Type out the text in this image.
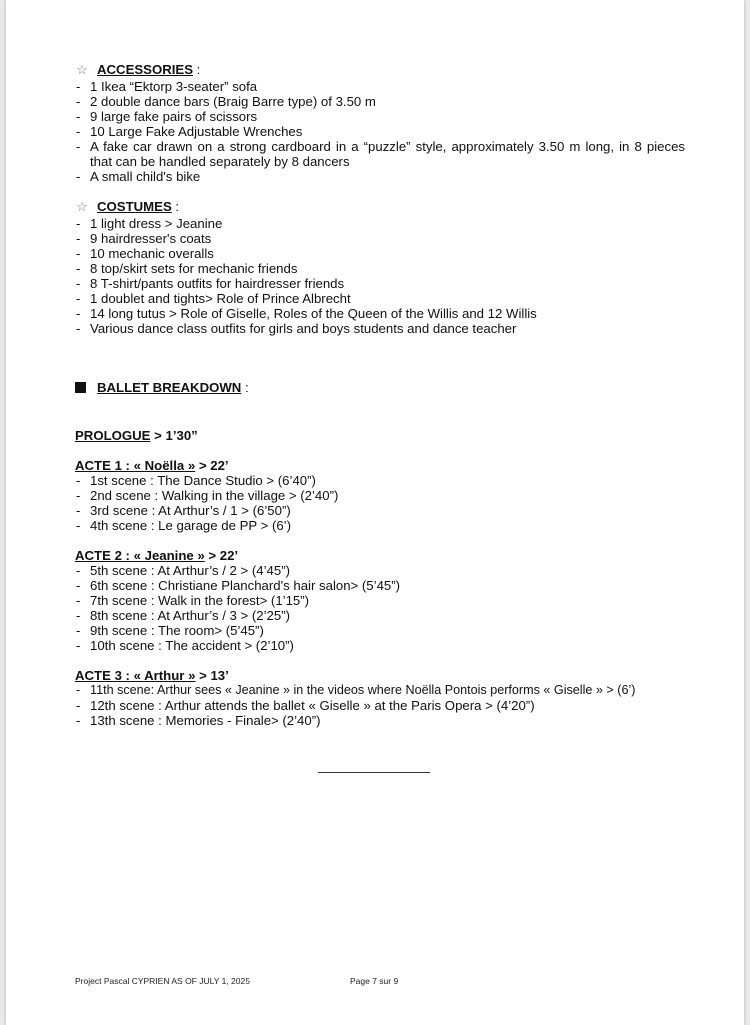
☆ ACCESSORIES :
- 1 Ikea “Ektorp 3-seater” sofa
- 2 double dance bars (Braig Barre type) of 3.50 m
- 9 large fake pairs of scissors
- 10 Large Fake Adjustable Wrenches
- A fake car drawn on a strong cardboard in a “puzzle” style, approximately 3.50 m long, in 8 pieces that can be handled separately by 8 dancers
- A small child's bike
☆ COSTUMES :
- 1 light dress > Jeanine
- 9 hairdresser's coats
- 10 mechanic overalls
- 8 top/skirt sets for mechanic friends
- 8 T-shirt/pants outfits for hairdresser friends
- 1 doublet and tights> Role of Prince Albrecht
- 14 long tutus > Role of Giselle, Roles of the Queen of the Willis and 12 Willis
- Various dance class outfits for girls and boys students and dance teacher
BALLET BREAKDOWN :
PROLOGUE > 1’30”
ACTE 1 : « Noëlla » > 22’
- 1st scene : The Dance Studio > (6’40”)
- 2nd scene : Walking in the village > (2’40”)
- 3rd scene : At Arthur’s / 1 > (6’50”)
- 4th scene : Le garage de PP > (6’)
ACTE 2 : « Jeanine » > 22’
- 5th scene : At Arthur’s / 2 > (4’45”)
- 6th scene : Christiane Planchard's hair salon> (5’45”)
- 7th scene : Walk in the forest> (1’15”)
- 8th scene : At Arthur’s / 3 > (2’25”)
- 9th scene : The room> (5’45”)
- 10th scene : The accident > (2’10”)
ACTE 3 : « Arthur » > 13’
- 11th scene: Arthur sees « Jeanine » in the videos where Noëlla Pontois performs « Giselle » > (6’)
- 12th scene : Arthur attends the ballet « Giselle » at the Paris Opera > (4’20”)
- 13th scene : Memories - Finale> (2’40”)
Project Pascal CYPRIEN AS OF JULY 1, 2025	Page 7 sur 9
